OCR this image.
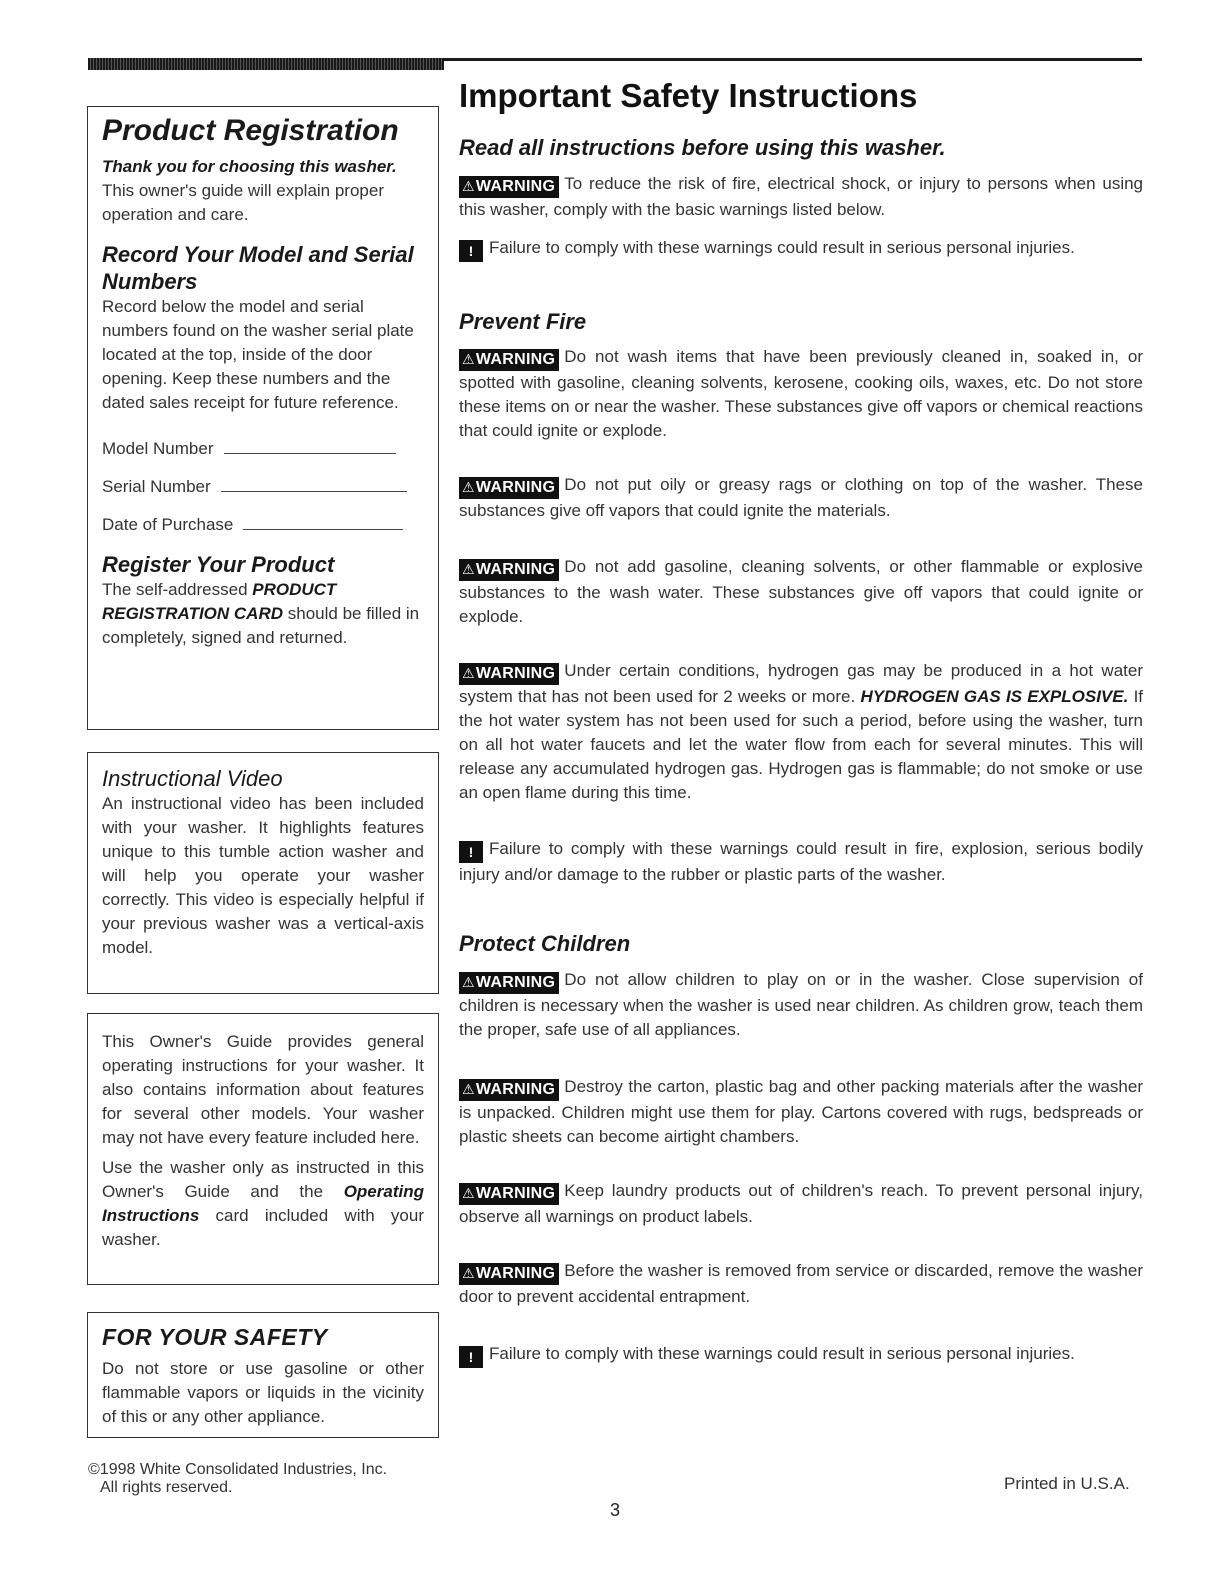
Product Registration

Thank you for choosing this washer. This owner's guide will explain proper operation and care.

Record Your Model and Serial Numbers

Record below the model and serial numbers found on the washer serial plate located at the top, inside of the door opening. Keep these numbers and the dated sales receipt for future reference.

Model Number
Serial Number
Date of Purchase
Register Your Product

The self-addressed PRODUCT REGISTRATION CARD should be filled in completely, signed and returned.

Instructional Video

An instructional video has been included with your washer. It highlights features unique to this tumble action washer and will help you operate your washer correctly. This video is especially helpful if your previous washer was a vertical-axis model.

This Owner's Guide provides general operating instructions for your washer. It also contains information about features for several other models. Your washer may not have every feature included here.

Use the washer only as instructed in this Owner's Guide and the Operating Instructions card included with your washer.

FOR YOUR SAFETY

Do not store or use gasoline or other flammable vapors or liquids in the vicinity of this or any other appliance.

Important Safety Instructions
Read all instructions before using this washer.

⚠WARNING To reduce the risk of fire, electrical shock, or injury to persons when using this washer, comply with the basic warnings listed below.

! Failure to comply with these warnings could result in serious personal injuries.

Prevent Fire

⚠WARNING Do not wash items that have been previously cleaned in, soaked in, or spotted with gasoline, cleaning solvents, kerosene, cooking oils, waxes, etc. Do not store these items on or near the washer. These substances give off vapors or chemical reactions that could ignite or explode.

⚠WARNING Do not put oily or greasy rags or clothing on top of the washer. These substances give off vapors that could ignite the materials.

⚠WARNING Do not add gasoline, cleaning solvents, or other flammable or explosive substances to the wash water. These substances give off vapors that could ignite or explode.

⚠WARNING Under certain conditions, hydrogen gas may be produced in a hot water system that has not been used for 2 weeks or more. HYDROGEN GAS IS EXPLOSIVE. If the hot water system has not been used for such a period, before using the washer, turn on all hot water faucets and let the water flow from each for several minutes. This will release any accumulated hydrogen gas. Hydrogen gas is flammable; do not smoke or use an open flame during this time.

! Failure to comply with these warnings could result in fire, explosion, serious bodily injury and/or damage to the rubber or plastic parts of the washer.

Protect Children

⚠WARNING Do not allow children to play on or in the washer. Close supervision of children is necessary when the washer is used near children. As children grow, teach them the proper, safe use of all appliances.

⚠WARNING Destroy the carton, plastic bag and other packing materials after the washer is unpacked. Children might use them for play. Cartons covered with rugs, bedspreads or plastic sheets can become airtight chambers.

⚠WARNING Keep laundry products out of children's reach. To prevent personal injury, observe all warnings on product labels.

⚠WARNING Before the washer is removed from service or discarded, remove the washer door to prevent accidental entrapment.

! Failure to comply with these warnings could result in serious personal injuries.

©1998 White Consolidated Industries, Inc.

All rights reserved.	Printed in U.S.A.

3
